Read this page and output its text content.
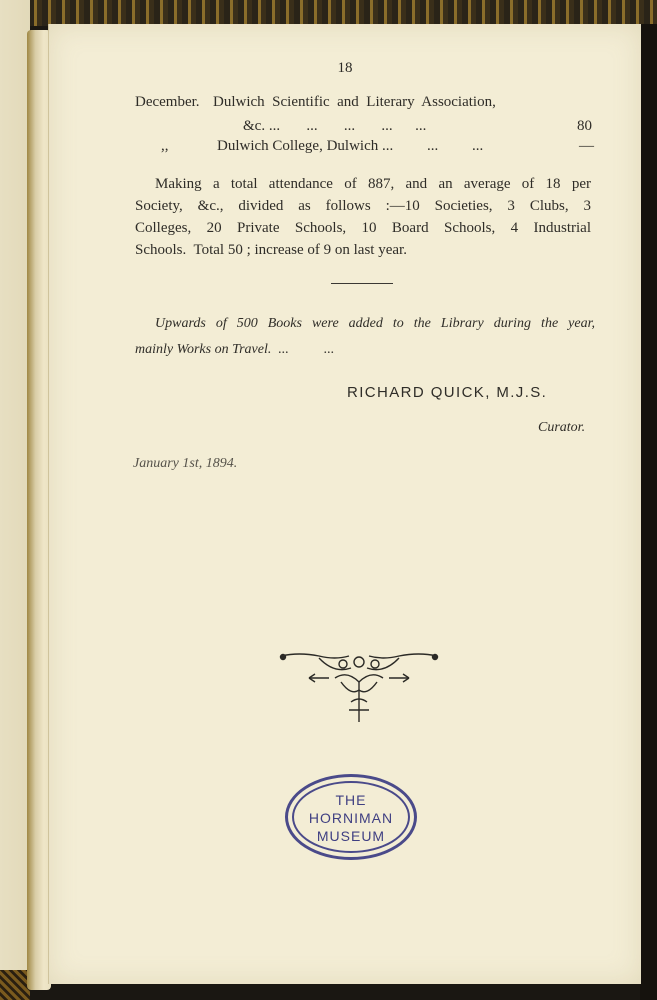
18
December. Dulwich  Scientific  and  Literary  Association,
&c. ...       ...       ...       ...      ...	80
,,	Dulwich College, Dulwich ...         ...         ...	—
Making a total attendance of 887, and an average of 18 per
Society, &c., divided as follows :—10 Societies, 3 Clubs, 3
Colleges, 20 Private Schools, 10 Board Schools, 4 Industrial
Schools.  Total 50 ; increase of 9 on last year.
Upwards of 500 Books were added to the Library during the year,
mainly Works on Travel.  ...          ...
RICHARD QUICK, M.J.S.
Curator.
January 1st, 1894.
THE
HORNIMAN
MUSEUM
